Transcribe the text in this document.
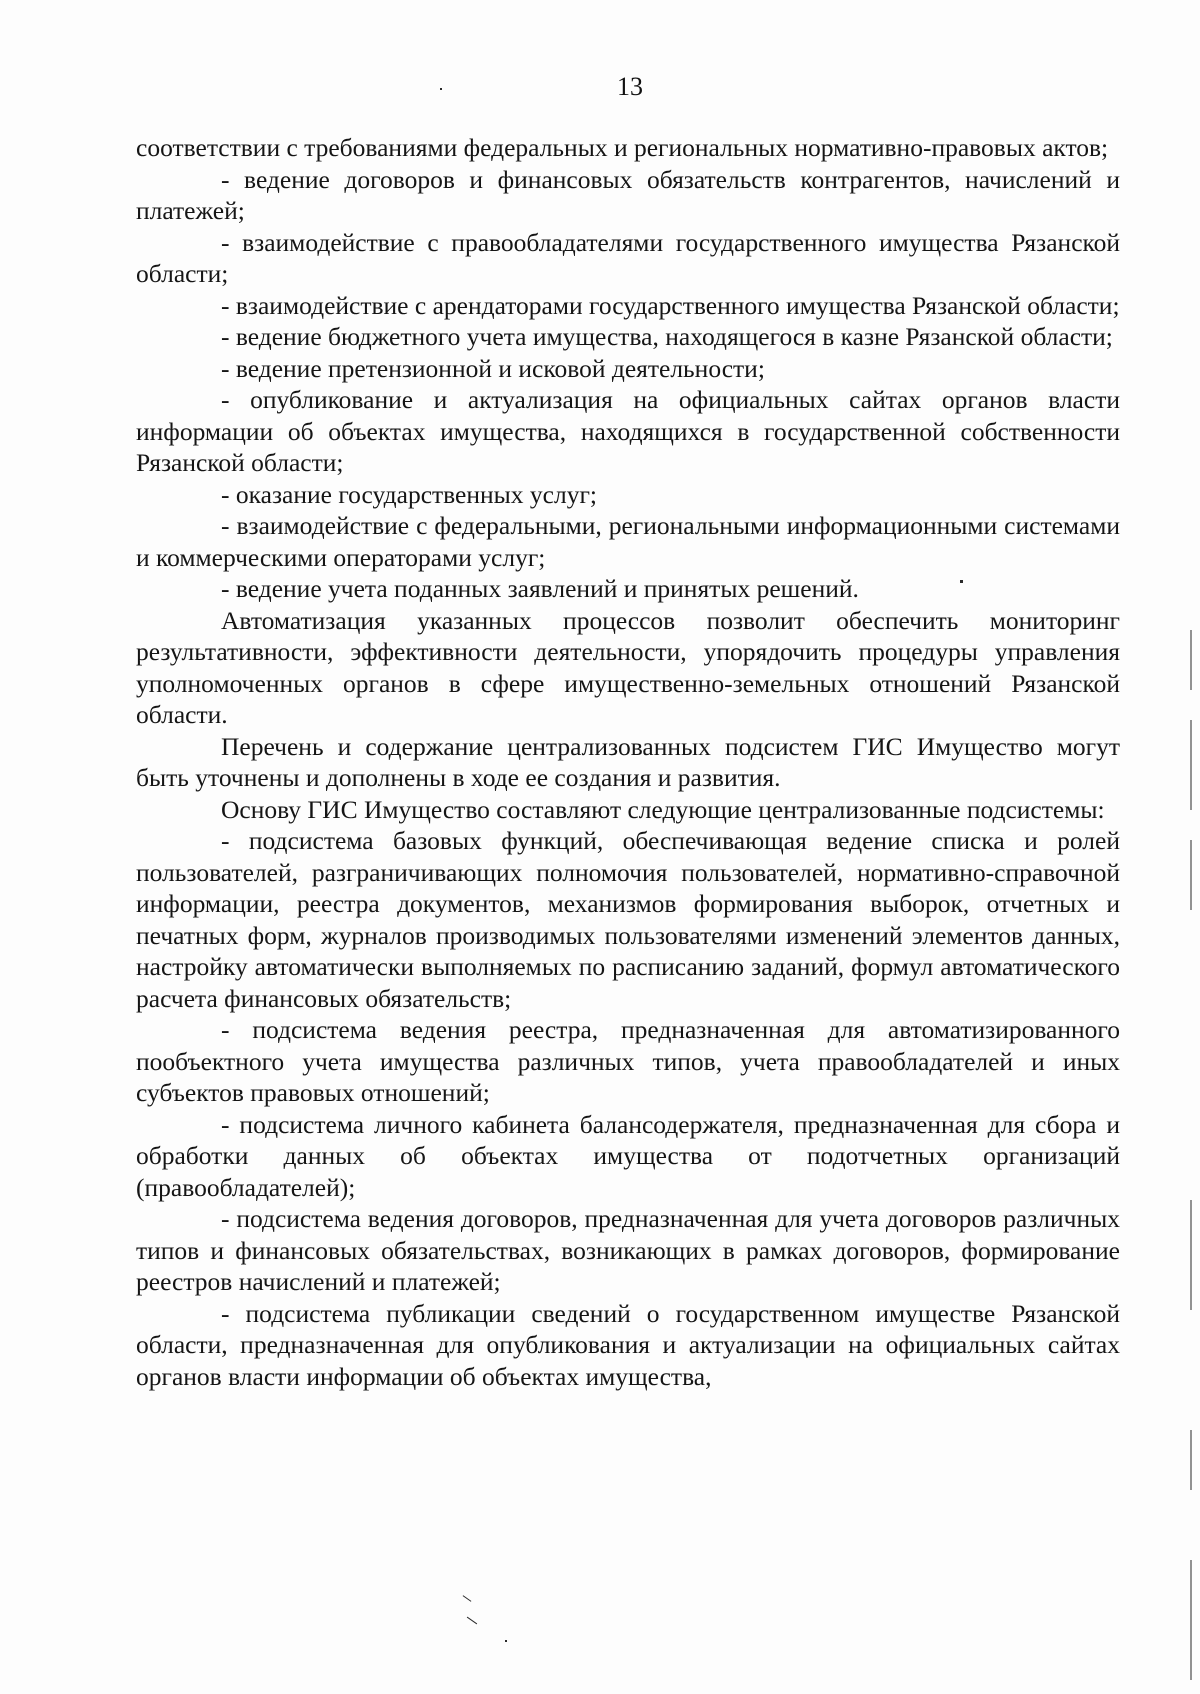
13

соответствии с требованиями федеральных и региональных нормативно-правовых актов;

- ведение договоров и финансовых обязательств контрагентов, начислений и платежей;

- взаимодействие с правообладателями государственного имущества Рязанской области;

- взаимодействие с арендаторами государственного имущества Рязанской области;

- ведение бюджетного учета имущества, находящегося в казне Рязанской области;

- ведение претензионной и исковой деятельности;

- опубликование и актуализация на официальных сайтах органов власти информации об объектах имущества, находящихся в государственной собственности Рязанской области;

- оказание государственных услуг;

- взаимодействие с федеральными, региональными информационными системами и коммерческими операторами услуг;

- ведение учета поданных заявлений и принятых решений.

Автоматизация указанных процессов позволит обеспечить мониторинг результативности, эффективности деятельности, упорядочить процедуры управления уполномоченных органов в сфере имущественно-земельных отношений Рязанской области.

Перечень и содержание централизованных подсистем ГИС Имущество могут быть уточнены и дополнены в ходе ее создания и развития.

Основу ГИС Имущество составляют следующие централизованные подсистемы:

- подсистема базовых функций, обеспечивающая ведение списка и ролей пользователей, разграничивающих полномочия пользователей, нормативно-справочной информации, реестра документов, механизмов формирования выборок, отчетных и печатных форм, журналов производимых пользователями изменений элементов данных, настройку автоматически выполняемых по расписанию заданий, формул автоматического расчета финансовых обязательств;

- подсистема ведения реестра, предназначенная для автоматизированного пообъектного учета имущества различных типов, учета правообладателей и иных субъектов правовых отношений;

- подсистема личного кабинета балансодержателя, предназначенная для сбора и обработки данных об объектах имущества от подотчетных организаций (правообладателей);

- подсистема ведения договоров, предназначенная для учета договоров различных типов и финансовых обязательствах, возникающих в рамках договоров, формирование реестров начислений и платежей;

- подсистема публикации сведений о государственном имуществе Рязанской области, предназначенная для опубликования и актуализации на официальных сайтах органов власти информации об объектах имущества,
